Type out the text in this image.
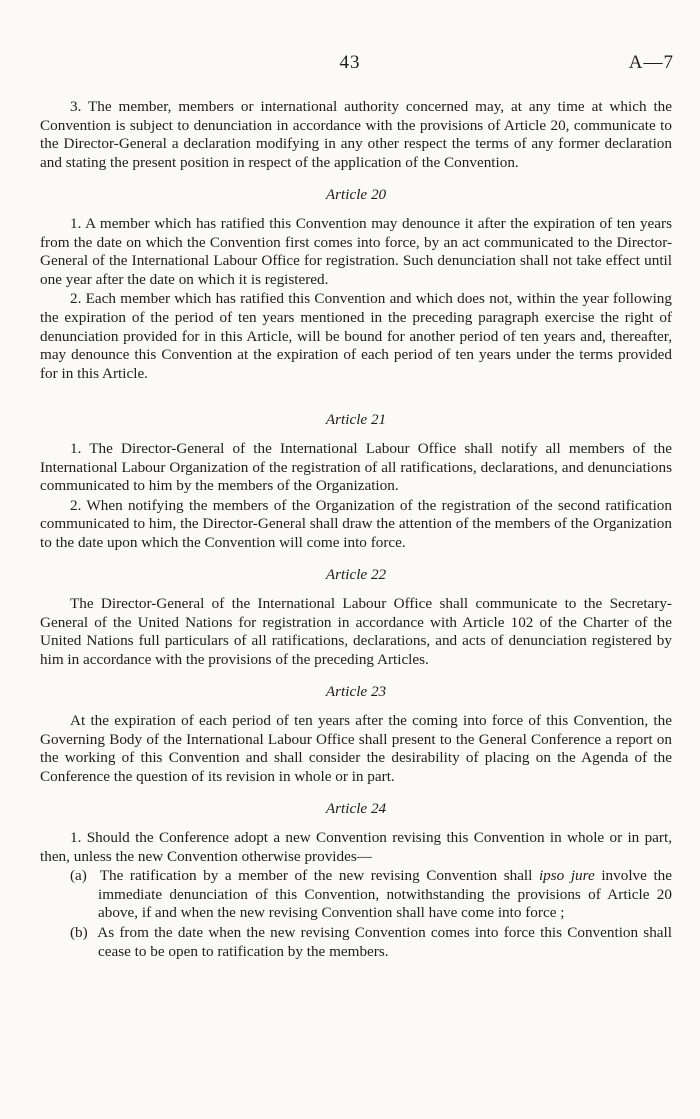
43	A—7

3. The member, members or international authority concerned may, at any time at which the Convention is subject to denunciation in accordance with the provisions of Article 20, communicate to the Director-General a declaration modifying in any other respect the terms of any former declaration and stating the present position in respect of the application of the Convention.

Article 20

1. A member which has ratified this Convention may denounce it after the expiration of ten years from the date on which the Convention first comes into force, by an act communicated to the Director-General of the International Labour Office for registration. Such denunciation shall not take effect until one year after the date on which it is registered.

2. Each member which has ratified this Convention and which does not, within the year following the expiration of the period of ten years mentioned in the preceding paragraph exercise the right of denunciation provided for in this Article, will be bound for another period of ten years and, thereafter, may denounce this Convention at the expiration of each period of ten years under the terms provided for in this Article.

Article 21

1. The Director-General of the International Labour Office shall notify all members of the International Labour Organization of the registration of all ratifications, declarations, and denunciations communicated to him by the members of the Organization.

2. When notifying the members of the Organization of the registration of the second ratification communicated to him, the Director-General shall draw the attention of the members of the Organization to the date upon which the Convention will come into force.

Article 22

The Director-General of the International Labour Office shall communicate to the Secretary-General of the United Nations for registration in accordance with Article 102 of the Charter of the United Nations full particulars of all ratifications, declarations, and acts of denunciation registered by him in accordance with the provisions of the preceding Articles.

Article 23

At the expiration of each period of ten years after the coming into force of this Convention, the Governing Body of the International Labour Office shall present to the General Conference a report on the working of this Convention and shall consider the desirability of placing on the Agenda of the Conference the question of its revision in whole or in part.

Article 24

1. Should the Conference adopt a new Convention revising this Convention in whole or in part, then, unless the new Convention otherwise provides—

(a) The ratification by a member of the new revising Convention shall ipso jure involve the immediate denunciation of this Convention, notwithstanding the provisions of Article 20 above, if and when the new revising Convention shall have come into force ;
(b) As from the date when the new revising Convention comes into force this Convention shall cease to be open to ratification by the members.
